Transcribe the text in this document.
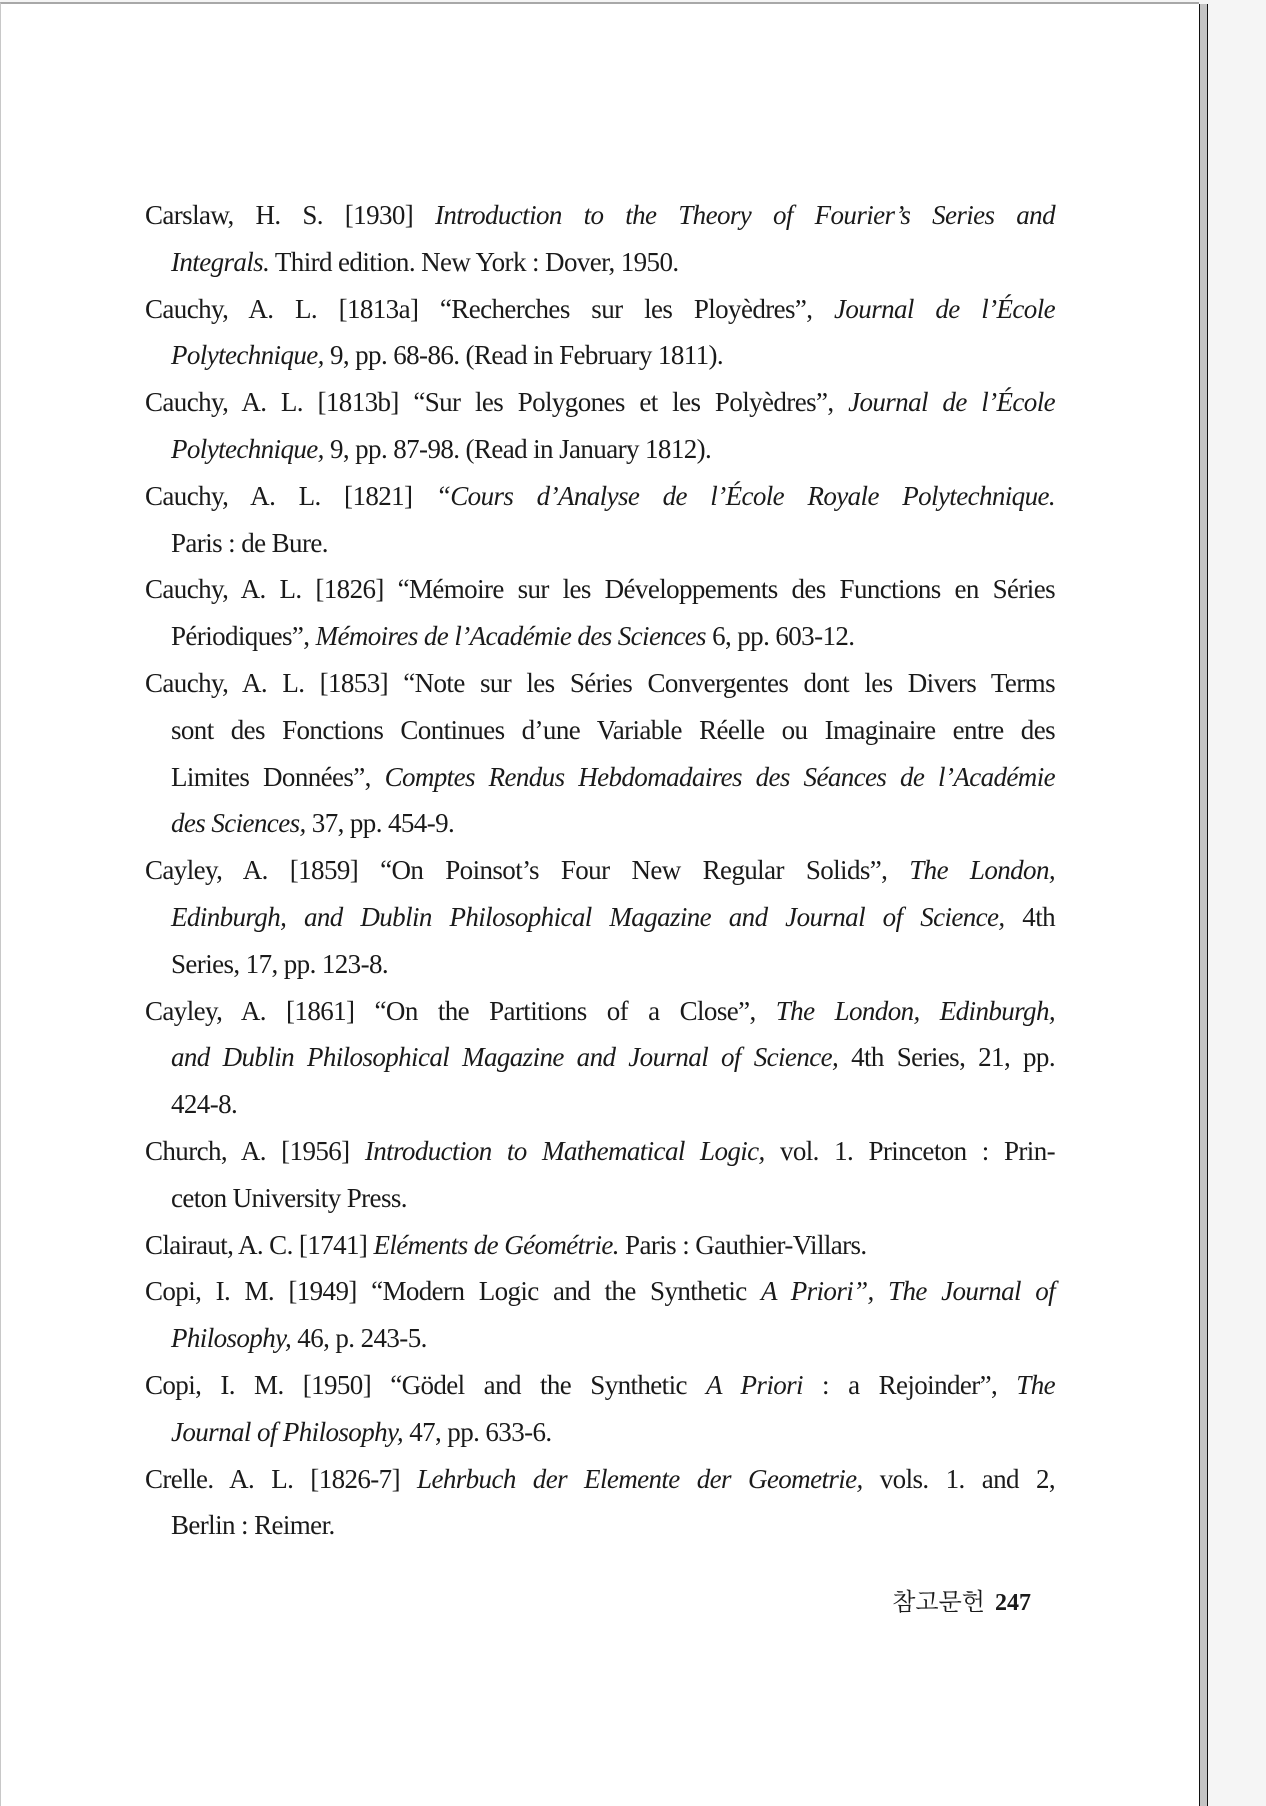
Carslaw, H. S. [1930] Introduction to the Theory of Fourier’s Series and
Integrals. Third edition. New York : Dover, 1950.
Cauchy, A. L. [1813a] “Recherches sur les Ployèdres”, Journal de l’École
Polytechnique, 9, pp. 68-86. (Read in February 1811).
Cauchy, A. L. [1813b] “Sur les Polygones et les Polyèdres”, Journal de l’École
Polytechnique, 9, pp. 87-98. (Read in January 1812).
Cauchy, A. L. [1821] “Cours d’Analyse de l’École Royale Polytechnique.
Paris : de Bure.
Cauchy, A. L. [1826] “Mémoire sur les Développements des Functions en Séries
Périodiques”, Mémoires de l’Académie des Sciences 6, pp. 603-12.
Cauchy, A. L. [1853] “Note sur les Séries Convergentes dont les Divers Terms
sont des Fonctions Continues d’une Variable Réelle ou Imaginaire entre des
Limites Données”, Comptes Rendus Hebdomadaires des Séances de l’Académie
des Sciences, 37, pp. 454-9.
Cayley, A. [1859] “On Poinsot’s Four New Regular Solids”, The London,
Edinburgh, and Dublin Philosophical Magazine and Journal of Science, 4th
Series, 17, pp. 123-8.
Cayley, A. [1861] “On the Partitions of a Close”, The London, Edinburgh,
and Dublin Philosophical Magazine and Journal of Science, 4th Series, 21, pp.
424-8.
Church, A. [1956] Introduction to Mathematical Logic, vol. 1. Princeton : Prin-
ceton University Press.
Clairaut, A. C. [1741] Eléments de Géométrie. Paris : Gauthier-Villars.
Copi, I. M. [1949] “Modern Logic and the Synthetic A Priori”, The Journal of
Philosophy, 46, p. 243-5.
Copi, I. M. [1950] “Gödel and the Synthetic A Priori : a Rejoinder”, The
Journal of Philosophy, 47, pp. 633-6.
Crelle. A. L. [1826-7] Lehrbuch der Elemente der Geometrie, vols. 1. and 2,
Berlin : Reimer.
참고문헌 247
